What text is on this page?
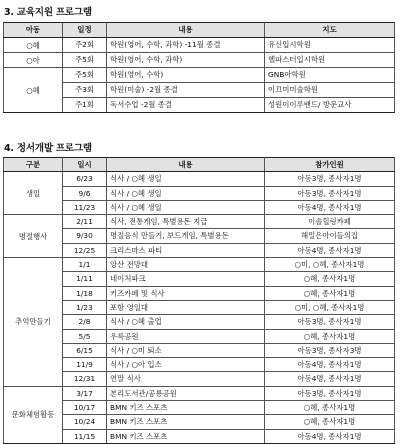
3. 교육지원 프로그램
아동	일정	내용	지도
○혜	주2회	학원(영어, 수학, 과학) -11월 종결	유신입시학원
○아	주5회	학원(영어, 수학, 과학)	헬파스터입시학원
○혜	주5회	학원(영어, 수학)	GNB아학원
	주3회	학원(미술) -2월 종결	이끄미미술학원
	주1회	독서수업 -2월 종결	성원이이루밴드/ 방문교사
4. 정서개발 프로그램
구분	일시	내용	참가인원
생일	6/23	식사 / ○혜 생일	아동3명, 종사자1명
	9/6	식사 / ○혜 생일	아동3명, 종사자1명
	11/23	식사 / ○혜 생일	아동4명, 종사자1명
명절행사	2/11	식사, 전통게임, 특별용돈 지급	이솔힐링카페
	9/30	명절음식 만들기, 보드게임, 특별용돈	해밀은아이들의집
	12/25	크리스마스 파티	아동4명, 종사자1명
추억만들기	1/1	앙산 전망대	○미, ○혜, 종사자1명
	1/11	네이처파크	○혜, 종사자1명
	1/18	키즈카페 및 식사	○혜, 종사자1명
	1/23	포항 영일대	○미, ○혜, 종사자1명
	2/8	식사 / ○혜 출업	아동3명, 종사자1명
	5/5	우륵공원	○혜, 종사자1명
	6/15	식사 / ○미 퇴소	아동3명, 종사자3명
	11/9	식사 / ○아 입소	아동4명, 종사자1명
	12/31	연말 식사	아동4명, 종사자1명
문화체험활동	3/17	본리도서관/공룡공원	아동3명, 종사자1명
	10/17	BMN 키즈 스포츠	○혜, 종사자1명
	10/24	BMN 키즈 스포츠	○혜, 종사자1명
	11/15	BMN 키즈 스포츠	아동4명, 종사자1명
